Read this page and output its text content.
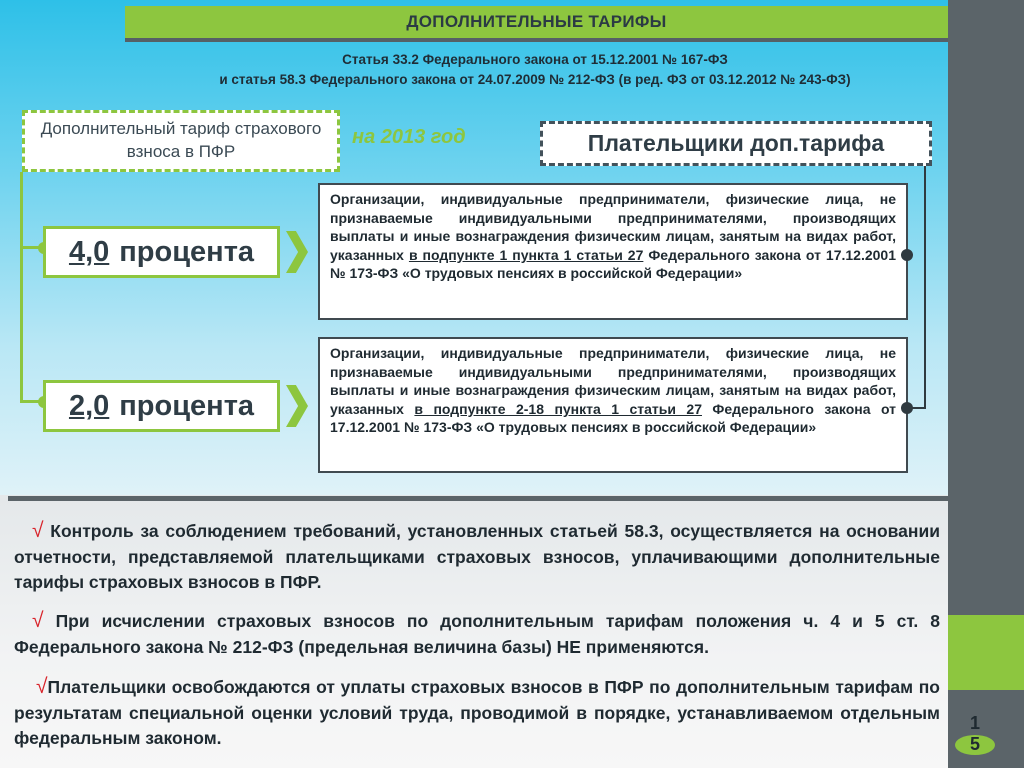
ДОПОЛНИТЕЛЬНЫЕ ТАРИФЫ
Статья 33.2 Федерального закона от 15.12.2001 № 167-ФЗ
и статья 58.3 Федерального закона от 24.07.2009 № 212-ФЗ (в ред. ФЗ от 03.12.2012 № 243-ФЗ)
Дополнительный тариф страхового взноса в ПФР
на 2013 год	Плательщики доп.тарифа
4,0 процента
Организации, индивидуальные предприниматели, физические лица, не признаваемые индивидуальными предпринимателями, производящих выплаты и иные вознаграждения физическим лицам, занятым на видах работ, указанных в подпункте 1 пункта 1 статьи 27 Федерального закона от 17.12.2001 № 173-ФЗ «О трудовых пенсиях в российской Федерации»
2,0 процента
Организации, индивидуальные предприниматели, физические лица, не признаваемые индивидуальными предпринимателями, производящих выплаты и иные вознаграждения физическим лицам, занятым на видах работ, указанных в подпункте 2-18 пункта 1 статьи 27 Федерального закона от 17.12.2001 № 173-ФЗ «О трудовых пенсиях в российской Федерации»
√ Контроль за соблюдением требований, установленных статьей 58.3, осуществляется на основании отчетности, представляемой плательщиками страховых взносов, уплачивающими дополнительные тарифы страховых взносов в ПФР.
√ При исчислении страховых взносов по дополнительным тарифам положения ч. 4 и 5 ст. 8 Федерального закона № 212-ФЗ (предельная величина базы) НЕ применяются.
√Плательщики освобождаются от уплаты страховых взносов в ПФР по дополнительным тарифам по результатам специальной оценки условий труда, проводимой в порядке, устанавливаемом отдельным федеральным законом.
15
